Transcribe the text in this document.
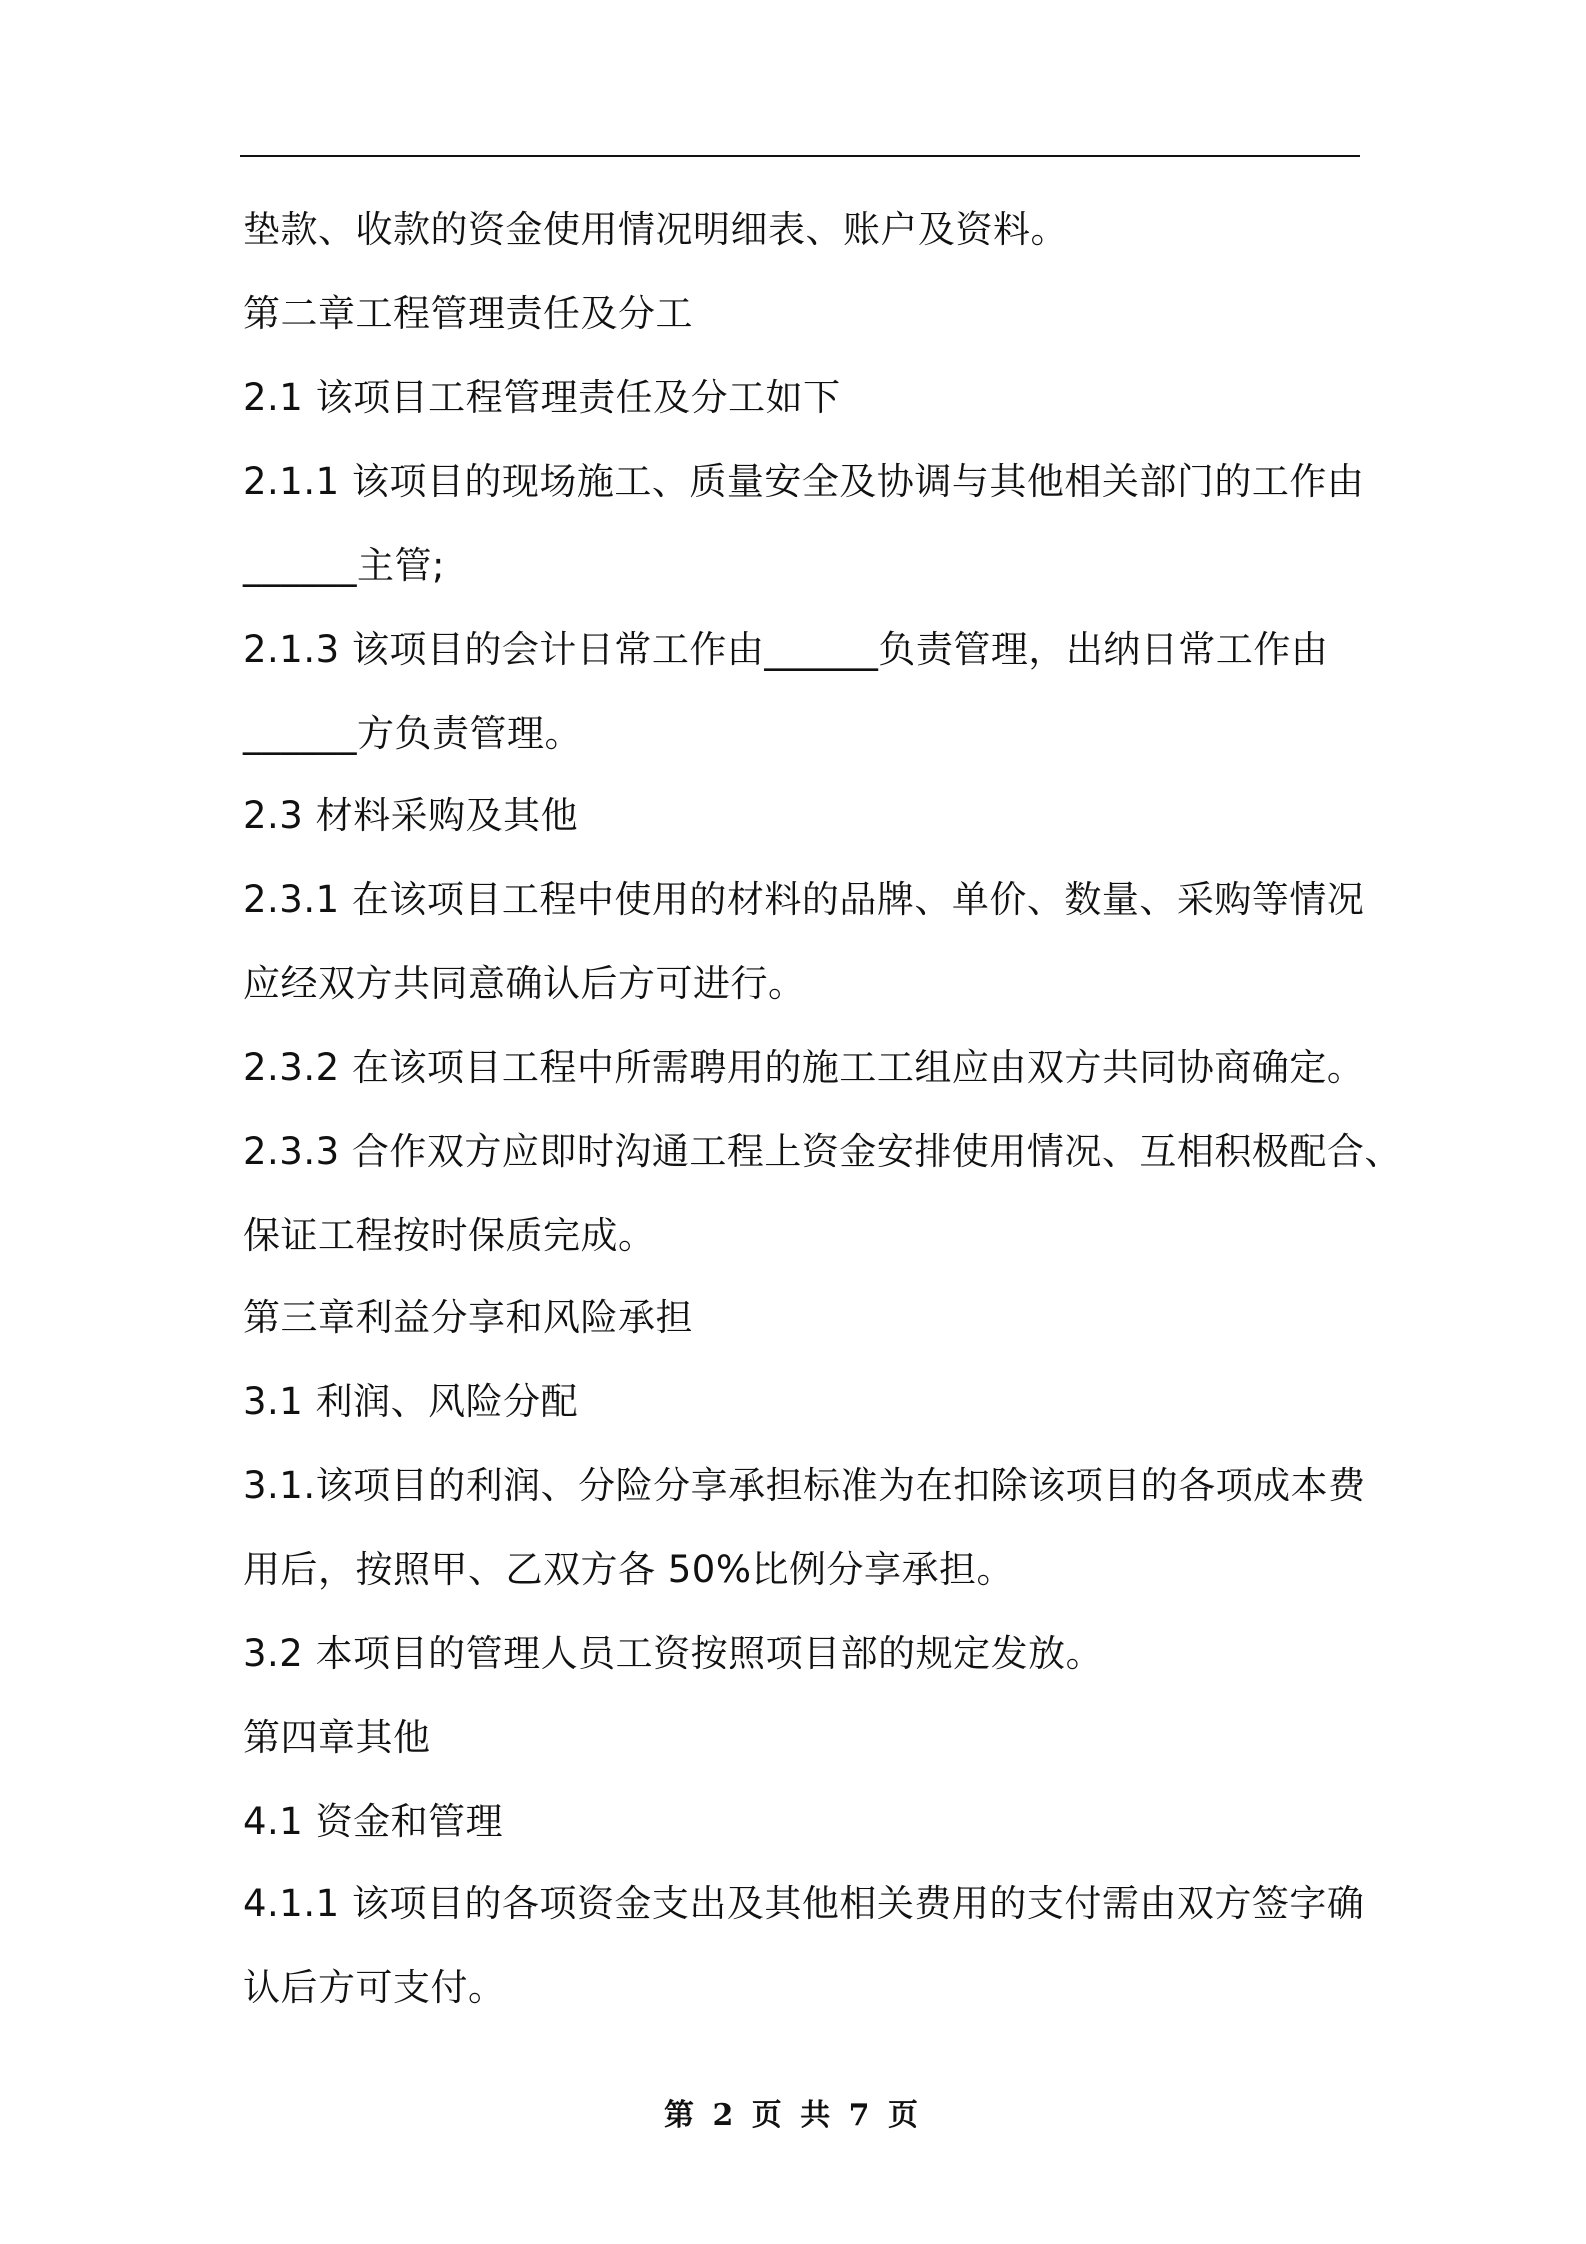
垫款、收款的资金使用情况明细表、账户及资料。
第二章工程管理责任及分工
2.1 该项目工程管理责任及分工如下
2.1.1 该项目的现场施工、质量安全及协调与其他相关部门的工作由
______主管;
2.1.3 该项目的会计日常工作由______负责管理，出纳日常工作由
______方负责管理。
2.3 材料采购及其他
2.3.1 在该项目工程中使用的材料的品牌、单价、数量、采购等情况
应经双方共同意确认后方可进行。
2.3.2 在该项目工程中所需聘用的施工工组应由双方共同协商确定。
2.3.3 合作双方应即时沟通工程上资金安排使用情况、互相积极配合、
保证工程按时保质完成。
第三章利益分享和风险承担
3.1 利润、风险分配
3.1.该项目的利润、分险分享承担标准为在扣除该项目的各项成本费
用后，按照甲、乙双方各 50%比例分享承担。
3.2 本项目的管理人员工资按照项目部的规定发放。
第四章其他
4.1 资金和管理
4.1.1 该项目的各项资金支出及其他相关费用的支付需由双方签字确
认后方可支付。
第 2 页 共 7 页
